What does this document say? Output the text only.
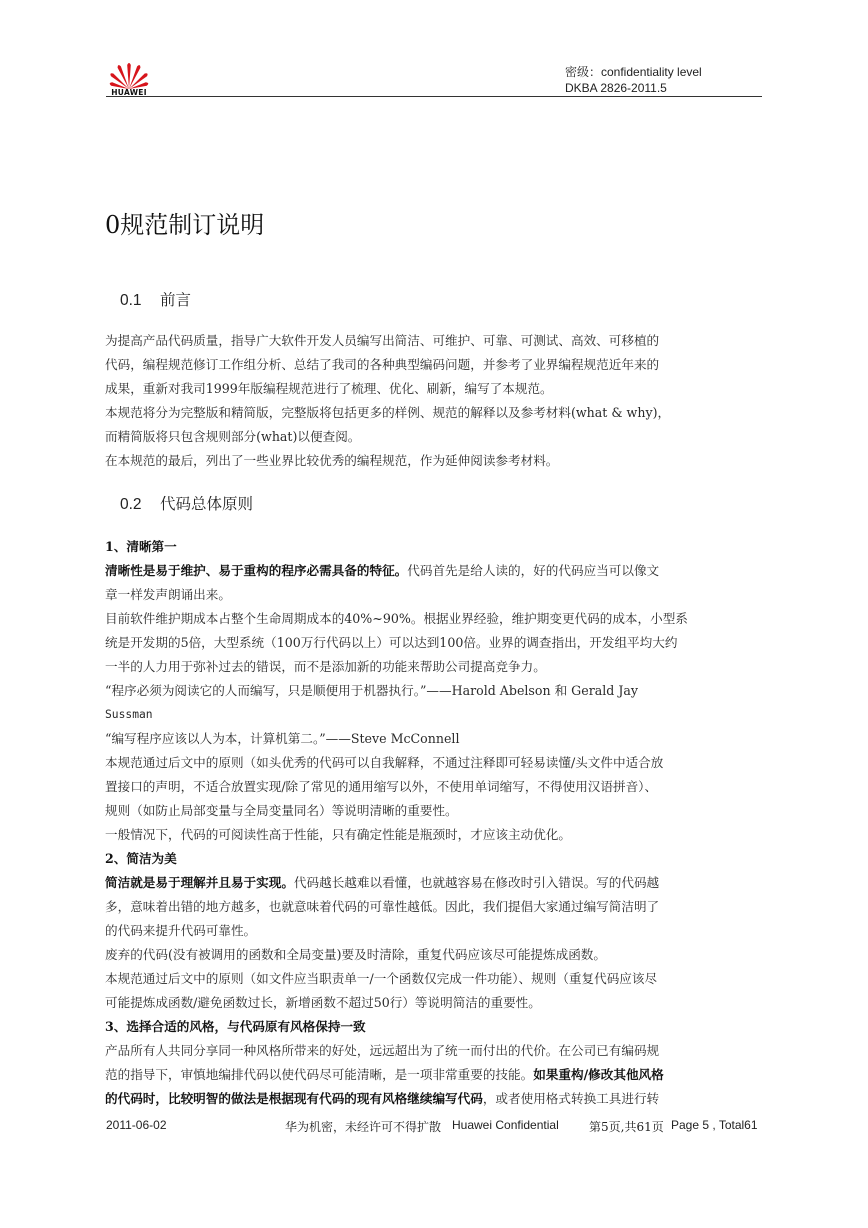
HUAWEI
密级：confidentiality level
DKBA 2826-2011.5
0规范制订说明
0.1 前言
为提高产品代码质量，指导广大软件开发人员编写出简洁、可维护、可靠、可测试、高效、可移植的
代码，编程规范修订工作组分析、总结了我司的各种典型编码问题，并参考了业界编程规范近年来的
成果，重新对我司1999年版编程规范进行了梳理、优化、刷新，编写了本规范。
本规范将分为完整版和精简版，完整版将包括更多的样例、规范的解释以及参考材料(what & why)，
而精简版将只包含规则部分(what)以便查阅。
在本规范的最后，列出了一些业界比较优秀的编程规范，作为延伸阅读参考材料。
0.2 代码总体原则
1、清晰第一
清晰性是易于维护、易于重构的程序必需具备的特征。代码首先是给人读的，好的代码应当可以像文
章一样发声朗诵出来。
目前软件维护期成本占整个生命周期成本的40%~90%。根据业界经验，维护期变更代码的成本，小型系
统是开发期的5倍，大型系统（100万行代码以上）可以达到100倍。业界的调查指出，开发组平均大约
一半的人力用于弥补过去的错误，而不是添加新的功能来帮助公司提高竞争力。
“程序必须为阅读它的人而编写，只是顺便用于机器执行。”——Harold Abelson 和 Gerald Jay
Sussman
“编写程序应该以人为本，计算机第二。”——Steve McConnell
本规范通过后文中的原则（如头优秀的代码可以自我解释，不通过注释即可轻易读懂/头文件中适合放
置接口的声明，不适合放置实现/除了常见的通用缩写以外，不使用单词缩写，不得使用汉语拼音）、
规则（如防止局部变量与全局变量同名）等说明清晰的重要性。
一般情况下，代码的可阅读性高于性能，只有确定性能是瓶颈时，才应该主动优化。
2、简洁为美
简洁就是易于理解并且易于实现。代码越长越难以看懂，也就越容易在修改时引入错误。写的代码越
多，意味着出错的地方越多，也就意味着代码的可靠性越低。因此，我们提倡大家通过编写简洁明了
的代码来提升代码可靠性。
废弃的代码(没有被调用的函数和全局变量)要及时清除，重复代码应该尽可能提炼成函数。
本规范通过后文中的原则（如文件应当职责单一/一个函数仅完成一件功能）、规则（重复代码应该尽
可能提炼成函数/避免函数过长，新增函数不超过50行）等说明简洁的重要性。
3、选择合适的风格，与代码原有风格保持一致
产品所有人共同分享同一种风格所带来的好处，远远超出为了统一而付出的代价。在公司已有编码规
范的指导下，审慎地编排代码以使代码尽可能清晰，是一项非常重要的技能。如果重构/修改其他风格
的代码时，比较明智的做法是根据现有代码的现有风格继续编写代码，或者使用格式转换工具进行转
2011-06-02	华为机密，未经许可不得扩散 Huawei Confidential	第5页,共61页 Page 5 , Total61
